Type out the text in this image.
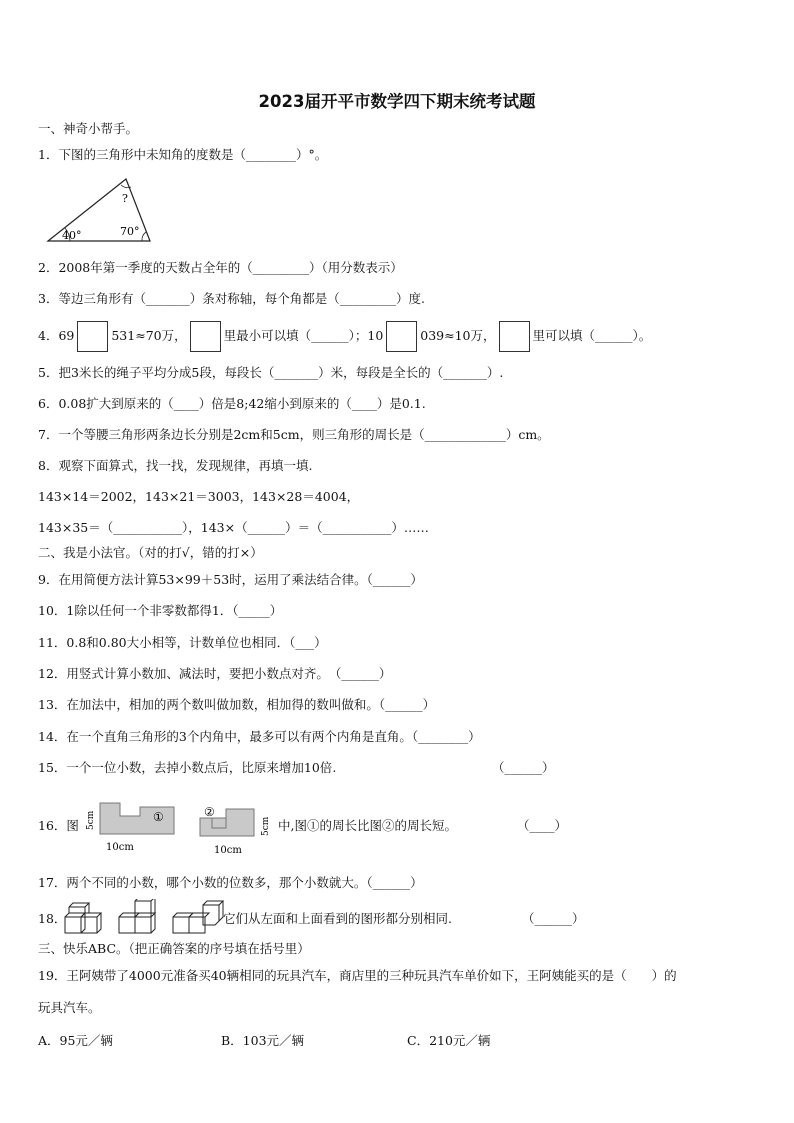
2023届开平市数学四下期末统考试题
一、神奇小帮手。
1．下图的三角形中未知角的度数是（________）°。
40°	70°
?
2．2008年第一季度的天数占全年的（_________）（用分数表示）
3．等边三角形有（_______）条对称轴，每个角都是（_________）度.
4．69	531≈70万，	里最小可以填（______）；10	039≈10万，	里可以填（______）。
5．把3米长的绳子平均分成5段，每段长（_______）米，每段是全长的（_______）.
6．0.08扩大到原来的（____）倍是8;42缩小到原来的（____）是0.1.
7．一个等腰三角形两条边长分别是2cm和5cm，则三角形的周长是（_____________）cm。
8．观察下面算式，找一找，发现规律，再填一填.
143×14＝2002，143×21＝3003，143×28＝4004，
143×35＝（___________），143×（______）＝（___________）……
二、我是小法官。（对的打√，错的打×）
9．在用简便方法计算53×99＋53时，运用了乘法结合律。（______）
10．1除以任何一个非零数都得1．（_____）
11．0.8和0.80大小相等，计数单位也相同．（___）
12．用竖式计算小数加、减法时，要把小数点对齐。　（______）
13．在加法中，相加的两个数叫做加数，相加得的数叫做和。（______）
14．在一个直角三角形的3个内角中，最多可以有两个内角是直角。（________）
15．一个一位小数，去掉小数点后，比原来增加10倍.	（______）
16．图 5cm	①
10cm
②
5cm
10cm
中,图①的周长比图②的周长短。	（____）
17．两个不同的小数，哪个小数的位数多，那个小数就大。（______）
18．	它们从左面和上面看到的图形都分别相同.	（______）
三、快乐ABC。（把正确答案的序号填在括号里）
19．王阿姨带了4000元准备买40辆相同的玩具汽车，商店里的三种玩具汽车单价如下，王阿姨能买的是（　　）的
玩具汽车。
A．95元／辆	B．103元／辆	C．210元／辆
